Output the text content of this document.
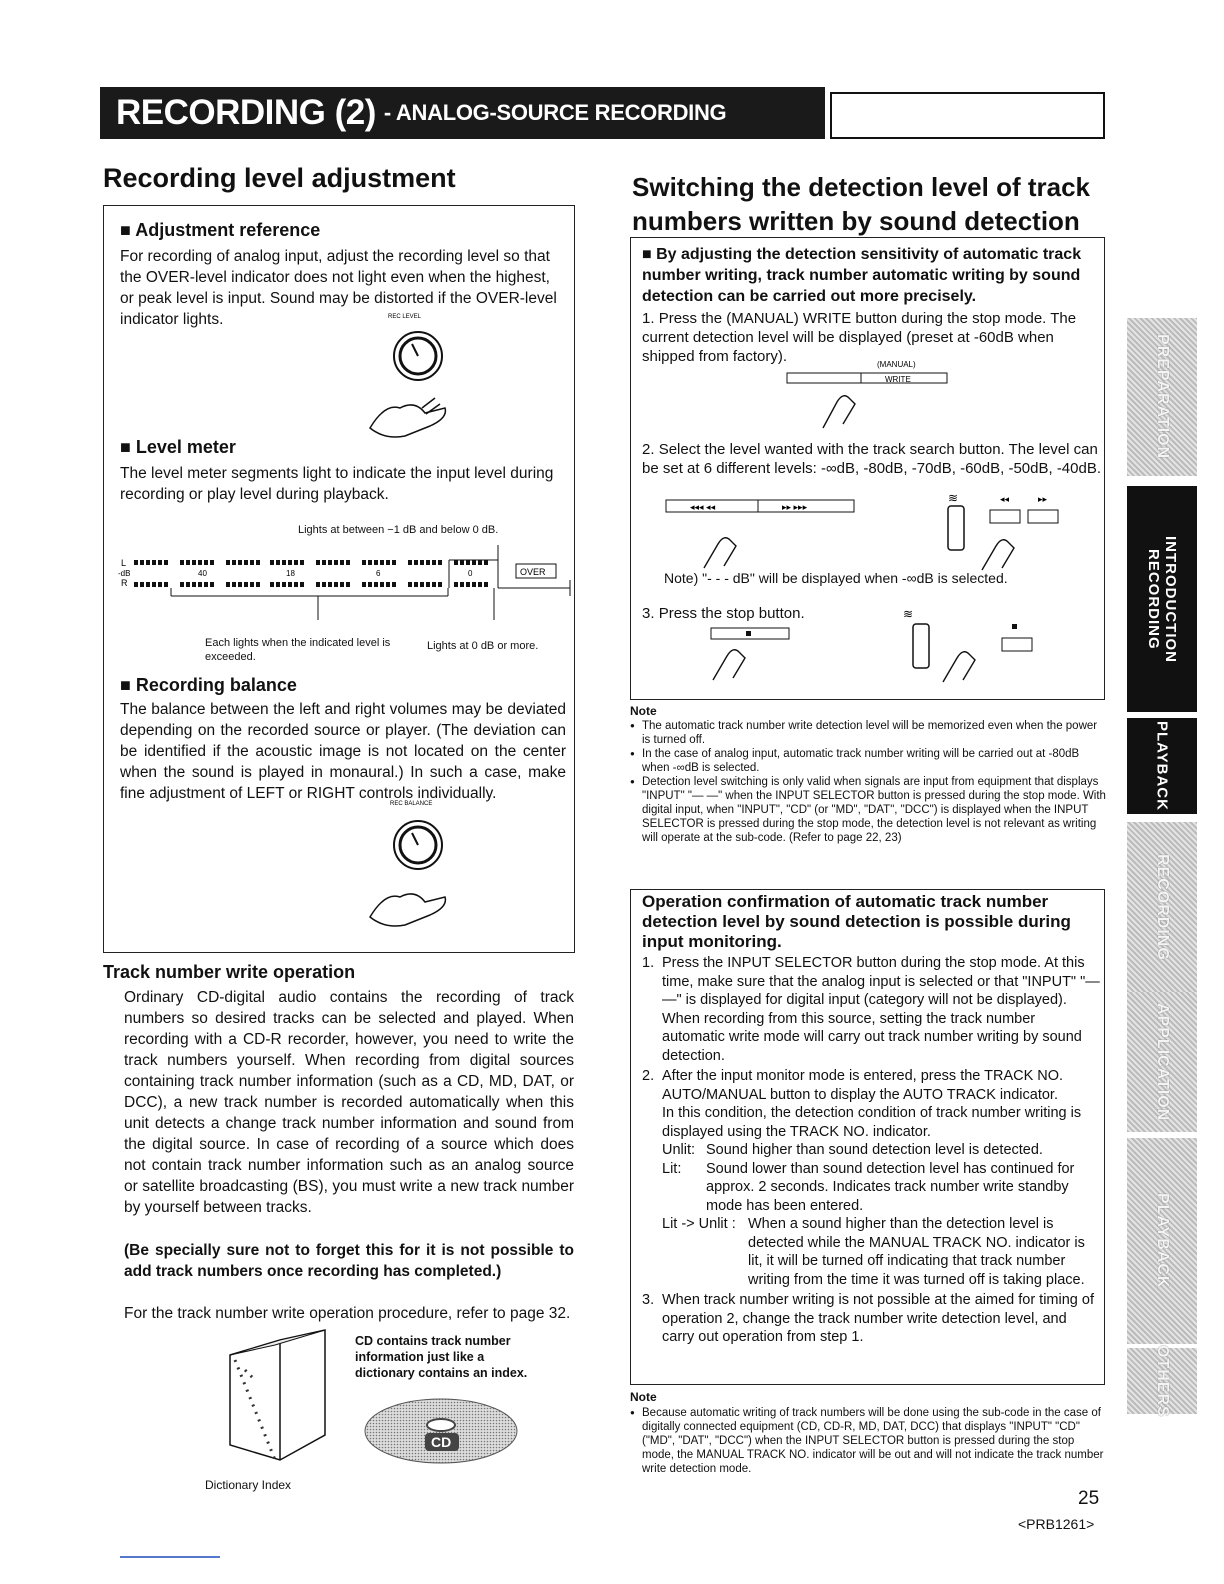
RECORDING (2) - ANALOG-SOURCE RECORDING
Recording level adjustment
■ Adjustment reference

For recording of analog input, adjust the recording level so that the OVER-level indicator does not light even when the highest, or peak level is input. Sound may be distorted if the OVER-level indicator lights.	REC LEVEL
■ Level meter

The level meter segments light to indicate the input level during recording or play level during playback.

Lights at between −1 dB and below 0 dB.

L
-dB
R
40	18	6	0	OVER

Each lights when the indicated level is exceeded.

Lights at 0 dB or more.

■ Recording balance

The balance between the left and right volumes may be deviated depending on the recorded source or player. (The deviation can be identified if the acoustic image is not located on the center when the sound is played in monaural.) In such a case, make fine adjustment of LEFT or RIGHT controls individually.

REC BALANCE
Track number write operation

Ordinary CD-digital audio contains the recording of track numbers so desired tracks can be selected and played. When recording with a CD-R recorder, however, you need to write the track numbers yourself. When recording from digital sources containing track number information (such as a CD, MD, DAT, or DCC), a new track number is recorded automatically when this unit detects a change track number information and sound from the digital source. In case of recording of a source which does not contain track number information such as an analog source or satellite broadcasting (BS), you must write a new track number by yourself between tracks.

(Be specially sure not to forget this for it is not possible to add track numbers once recording has completed.)

For the track number write operation procedure, refer to page 32.

Dictionary Index

CD contains track number information just like a dictionary contains an index.

CD
Switching the detection level of track numbers written by sound detection

■ By adjusting the detection sensitivity of automatic track number writing, track number automatic writing by sound detection can be carried out more precisely.

1. Press the (MANUAL) WRITE button during the stop mode. The current detection level will be displayed (preset at -60dB when shipped from factory).	(MANUAL)
WRITE

2. Select the level wanted with the track search button. The level can be set at 6 different levels: -∞dB, -80dB, -70dB, -60dB, -50dB, -40dB.

◂◂◂ ◂◂	▸▸ ▸▸▸
≋	◂◂	▸▸

Note) "- - - dB" will be displayed when -∞dB is selected.

3. Press the stop button.	≋

Note

● The automatic track number write detection level will be memorized even when the power is turned off.
● In the case of analog input, automatic track number writing will be carried out at -80dB when -∞dB is selected.
● Detection level switching is only valid when signals are input from equipment that displays "INPUT" "— —" when the INPUT SELECTOR button is pressed during the stop mode. With digital input, when "INPUT", "CD" (or "MD", "DAT", "DCC") is displayed when the INPUT SELECTOR is pressed during the stop mode, the detection level is not relevant as writing will operate at the sub-code. (Refer to page 22, 23)

Operation confirmation of automatic track number detection level by sound detection is possible during input monitoring.

1. Press the INPUT SELECTOR button during the stop mode. At this time, make sure that the analog input is selected or that "INPUT" "— —" is displayed for digital input (category will not be displayed). When recording from this source, setting the track number automatic write mode will carry out track number writing by sound detection.
2. After the input monitor mode is entered, press the TRACK NO. AUTO/MANUAL button to display the AUTO TRACK indicator.
In this condition, the detection condition of track number writing is displayed using the TRACK NO. indicator.
Unlit: Sound higher than sound detection level is detected.
Lit:	Sound lower than sound detection level has continued for approx. 2 seconds. Indicates track number write standby mode has been entered.
Lit -> Unlit : When a sound higher than the detection level is detected while the MANUAL TRACK NO. indicator is lit, it will be turned off indicating that track number writing from the time it was turned off is taking place.
3. When track number writing is not possible at the aimed for timing of operation 2, change the track number write detection level, and carry out operation from step 1.

Note

● Because automatic writing of track numbers will be done using the sub-code in the case of digitally connected equipment (CD, CD-R, MD, DAT, DCC) that displays "INPUT" "CD" ("MD", "DAT", "DCC") when the INPUT SELECTOR button is pressed during the stop mode, the MANUAL TRACK NO. indicator will be out and will not indicate the track number write detection mode.
PREPARATION
RECORDING INTRODUCTION
PLAYBACK
RECORDING
APPLICATION
PLAYBACK
OTHERS

25

<PRB1261>
